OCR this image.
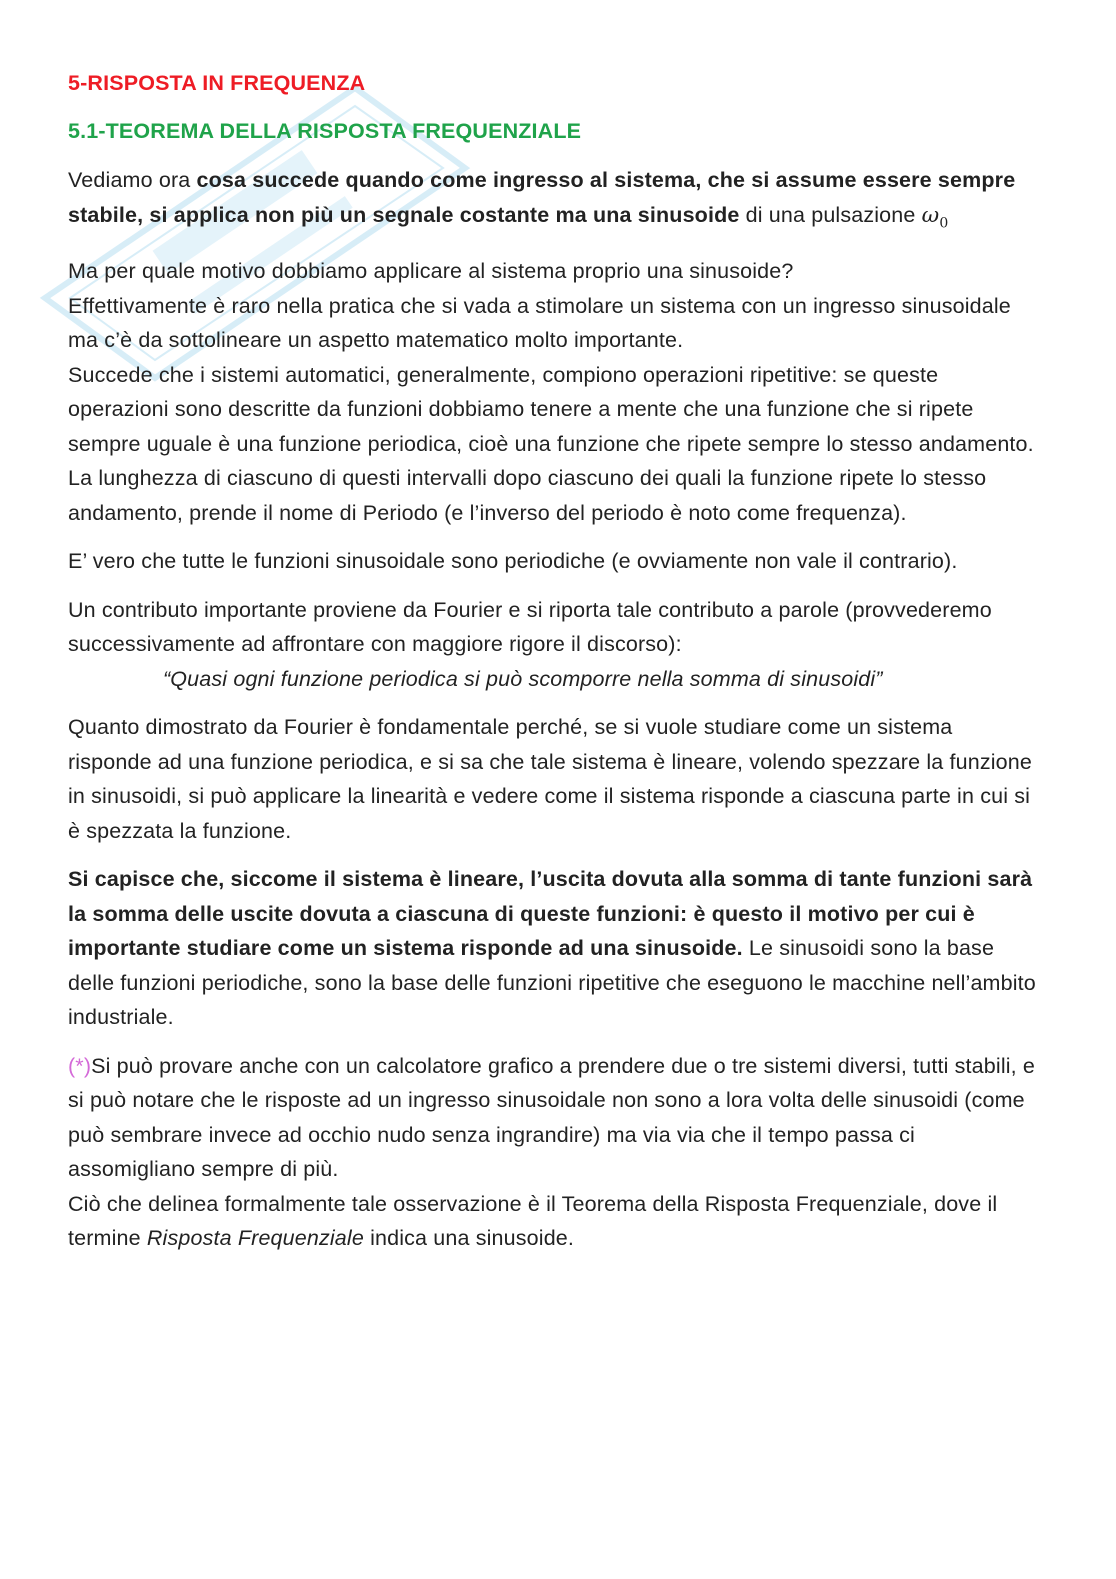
5-RISPOSTA IN FREQUENZA
5.1-TEOREMA DELLA RISPOSTA FREQUENZIALE

Vediamo ora cosa succede quando come ingresso al sistema, che si assume essere sempre stabile, si applica non più un segnale costante ma una sinusoide di una pulsazione $\omega_0$

Ma per quale motivo dobbiamo applicare al sistema proprio una sinusoide?
Effettivamente è raro nella pratica che si vada a stimolare un sistema con un ingresso sinusoidale ma c’è da sottolineare un aspetto matematico molto importante.
Succede che i sistemi automatici, generalmente, compiono operazioni ripetitive: se queste operazioni sono descritte da funzioni dobbiamo tenere a mente che una funzione che si ripete sempre uguale è una funzione periodica, cioè una funzione che ripete sempre lo stesso andamento.
La lunghezza di ciascuno di questi intervalli dopo ciascuno dei quali la funzione ripete lo stesso andamento, prende il nome di Periodo (e l’inverso del periodo è noto come frequenza).

E’ vero che tutte le funzioni sinusoidale sono periodiche (e ovviamente non vale il contrario).

Un contributo importante proviene da Fourier e si riporta tale contributo a parole (provvederemo successivamente ad affrontare con maggiore rigore il discorso):
“Quasi ogni funzione periodica si può scomporre nella somma di sinusoidi”

Quanto dimostrato da Fourier è fondamentale perché, se si vuole studiare come un sistema risponde ad una funzione periodica, e si sa che tale sistema è lineare, volendo spezzare la funzione in sinusoidi, si può applicare la linearità e vedere come il sistema risponde a ciascuna parte in cui si è spezzata la funzione.

Si capisce che, siccome il sistema è lineare, l’uscita dovuta alla somma di tante funzioni sarà la somma delle uscite dovuta a ciascuna di queste funzioni: è questo il motivo per cui è importante studiare come un sistema risponde ad una sinusoide. Le sinusoidi sono la base delle funzioni periodiche, sono la base delle funzioni ripetitive che eseguono le macchine nell’ambito industriale.

(*)Si può provare anche con un calcolatore grafico a prendere due o tre sistemi diversi, tutti stabili, e si può notare che le risposte ad un ingresso sinusoidale non sono a lora volta delle sinusoidi (come può sembrare invece ad occhio nudo senza ingrandire) ma via via che il tempo passa ci assomigliano sempre di più.
Ciò che delinea formalmente tale osservazione è il Teorema della Risposta Frequenziale, dove il termine Risposta Frequenziale indica una sinusoide.
